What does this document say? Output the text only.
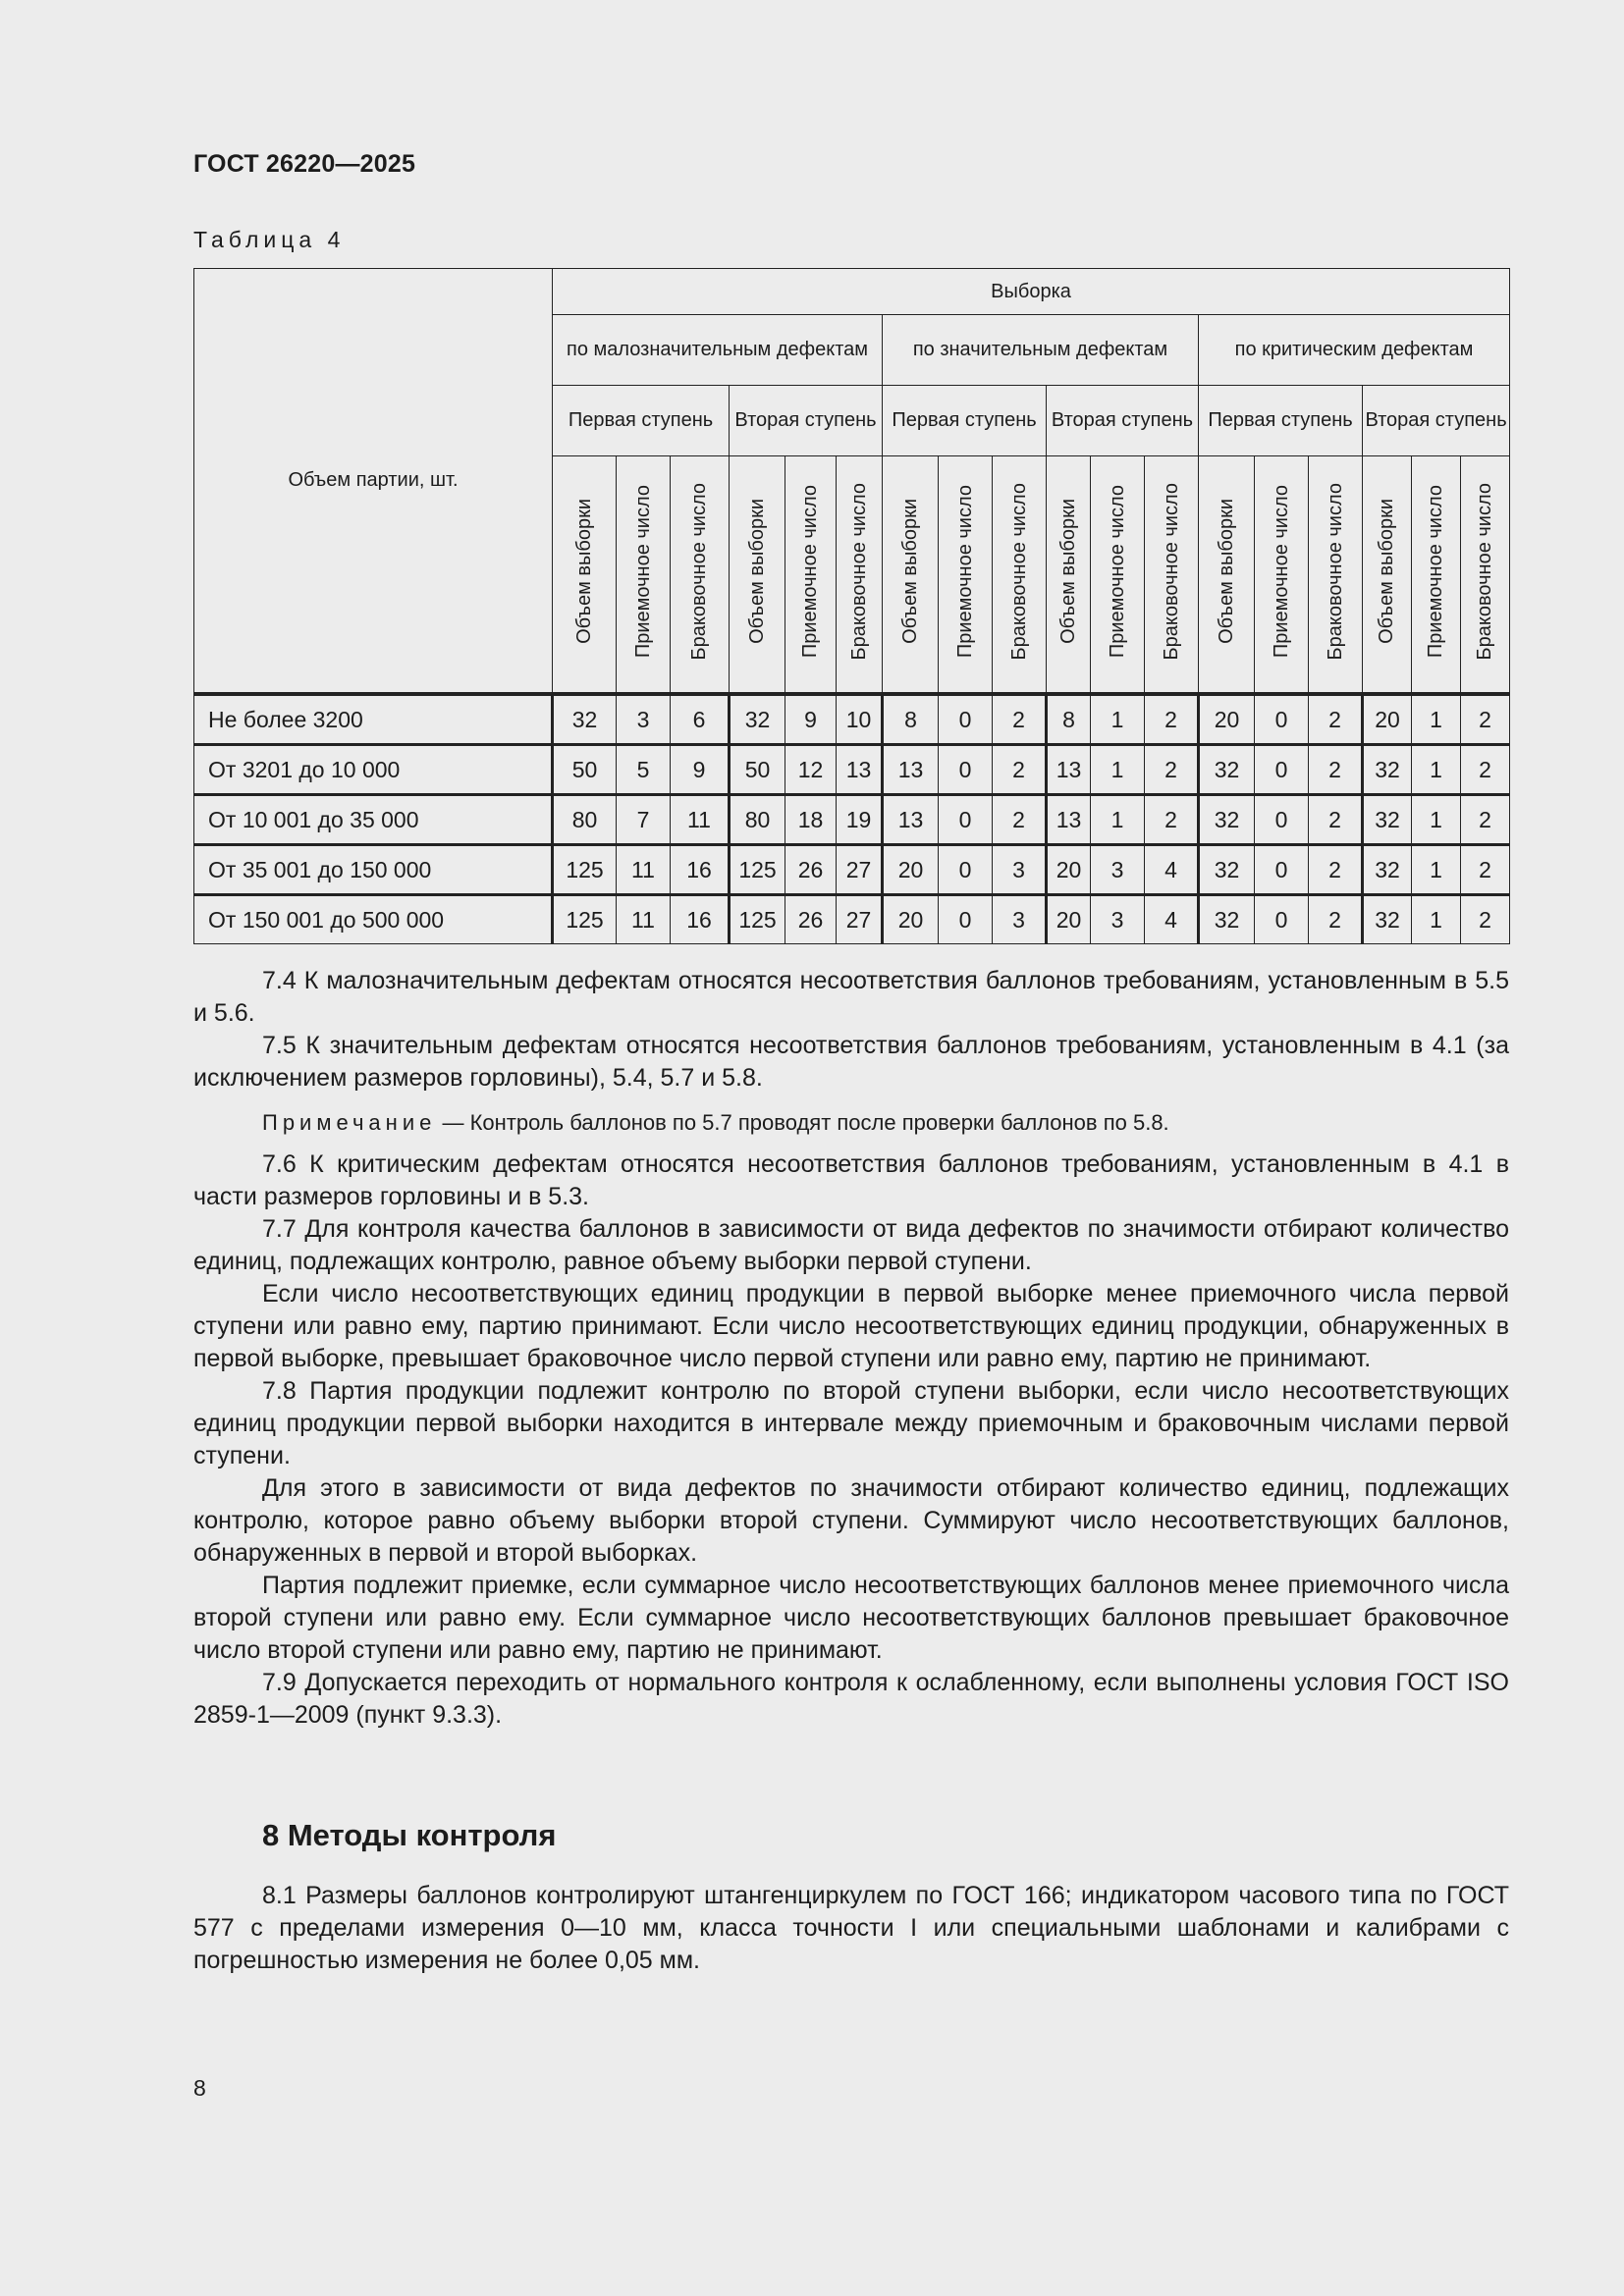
ГОСТ 26220—2025
Таблица 4
Объем партии, шт.	Выборка																	
	по малозначительным дефектам						по значительным дефектам						по критическим дефектам					
	Первая ступень			Вторая ступень			Первая ступень			Вторая ступень			Первая ступень			Вторая ступень		
	Объем выборки	Приемочное число	Браковочное число	Объем выборки	Приемочное число	Браковочное число	Объем выборки	Приемочное число	Браковочное число	Объем выборки	Приемочное число	Браковочное число	Объем выборки	Приемочное число	Браковочное число	Объем выборки	Приемочное число	Браковочное число
Не более 3200	32	3	6	32	9	10	8	0	2	8	1	2	20	0	2	20	1	2
От 3201 до 10 000	50	5	9	50	12	13	13	0	2	13	1	2	32	0	2	32	1	2
От 10 001 до 35 000	80	7	11	80	18	19	13	0	2	13	1	2	32	0	2	32	1	2
От 35 001 до 150 000	125	11	16	125	26	27	20	0	3	20	3	4	32	0	2	32	1	2
От 150 001 до 500 000	125	11	16	125	26	27	20	0	3	20	3	4	32	0	2	32	1	2

7.4 К малозначительным дефектам относятся несоответствия баллонов требованиям, установленным в 5.5 и 5.6.

7.5 К значительным дефектам относятся несоответствия баллонов требованиям, установленным в 4.1 (за исключением размеров горловины), 5.4, 5.7 и 5.8.

Примечание — Контроль баллонов по 5.7 проводят после проверки баллонов по 5.8.

7.6 К критическим дефектам относятся несоответствия баллонов требованиям, установленным в 4.1 в части размеров горловины и в 5.3.

7.7 Для контроля качества баллонов в зависимости от вида дефектов по значимости отбирают количество единиц, подлежащих контролю, равное объему выборки первой ступени.

Если число несоответствующих единиц продукции в первой выборке менее приемочного числа первой ступени или равно ему, партию принимают. Если число несоответствующих единиц продукции, обнаруженных в первой выборке, превышает браковочное число первой ступени или равно ему, партию не принимают.

7.8 Партия продукции подлежит контролю по второй ступени выборки, если число несоответствующих единиц продукции первой выборки находится в интервале между приемочным и браковочным числами первой ступени.

Для этого в зависимости от вида дефектов по значимости отбирают количество единиц, подлежащих контролю, которое равно объему выборки второй ступени. Суммируют число несоответствующих баллонов, обнаруженных в первой и второй выборках.

Партия подлежит приемке, если суммарное число несоответствующих баллонов менее приемочного числа второй ступени или равно ему. Если суммарное число несоответствующих баллонов превышает браковочное число второй ступени или равно ему, партию не принимают.

7.9 Допускается переходить от нормального контроля к ослабленному, если выполнены условия ГОСТ ISO 2859-1—2009 (пункт 9.3.3).

8 Методы контроля

8.1 Размеры баллонов контролируют штангенциркулем по ГОСТ 166; индикатором часового типа по ГОСТ 577 с пределами измерения 0—10 мм, класса точности I или специальными шаблонами и калибрами с погрешностью измерения не более 0,05 мм.

8
